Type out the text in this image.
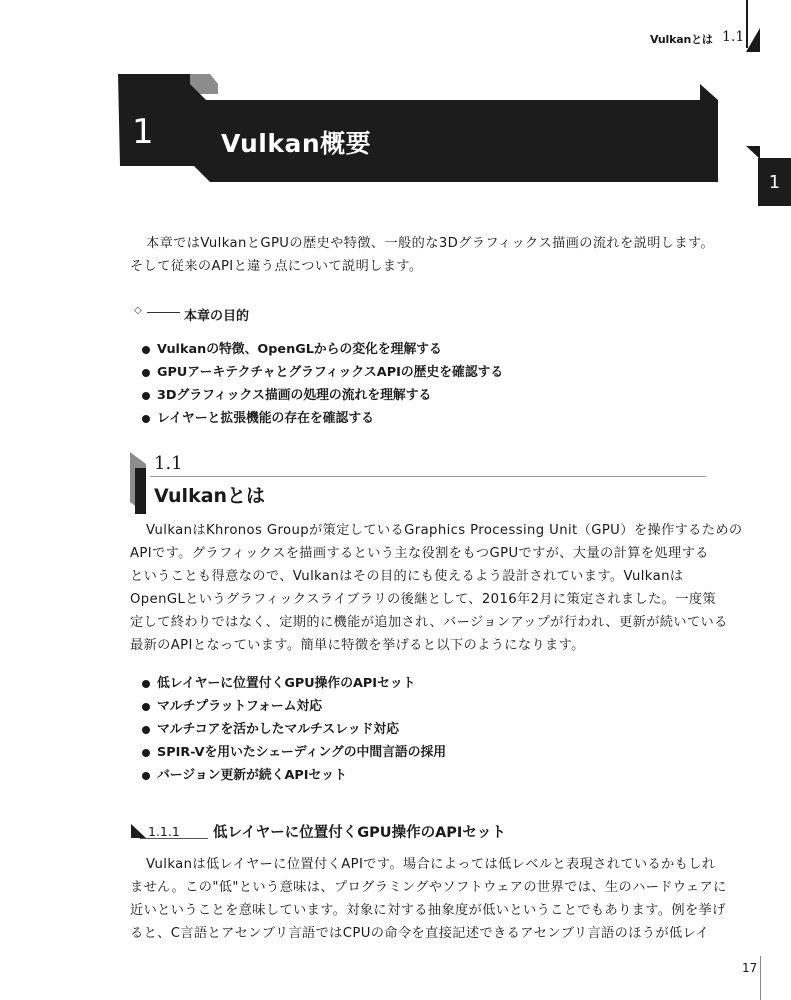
Vulkanとは 1.1
1
1	Vulkan概要
本章ではVulkanとGPUの歴史や特徴、一般的な3Dグラフィックス描画の流れを説明します。
そして従来のAPIと違う点について説明します。
◇	本章の目的
Vulkanの特徴、OpenGLからの変化を理解する
GPUアーキテクチャとグラフィックスAPIの歴史を確認する
3Dグラフィックス描画の処理の流れを理解する
レイヤーと拡張機能の存在を確認する
1.1
Vulkanとは
VulkanはKhronos Groupが策定しているGraphics Processing Unit（GPU）を操作するための
APIです。グラフィックスを描画するという主な役割をもつGPUですが、大量の計算を処理する
ということも得意なので、Vulkanはその目的にも使えるよう設計されています。Vulkanは
OpenGLというグラフィックスライブラリの後継として、2016年2月に策定されました。一度策
定して終わりではなく、定期的に機能が追加され、バージョンアップが行われ、更新が続いている
最新のAPIとなっています。簡単に特徴を挙げると以下のようになります。
低レイヤーに位置付くGPU操作のAPIセット
マルチプラットフォーム対応
マルチコアを活かしたマルチスレッド対応
SPIR-Vを用いたシェーディングの中間言語の採用
バージョン更新が続くAPIセット
1.1.1 低レイヤーに位置付くGPU操作のAPIセット
Vulkanは低レイヤーに位置付くAPIです。場合によっては低レベルと表現されているかもしれ
ません。この"低"という意味は、プログラミングやソフトウェアの世界では、生のハードウェアに
近いということを意味しています。対象に対する抽象度が低いということでもあります。例を挙げ
ると、C言語とアセンブリ言語ではCPUの命令を直接記述できるアセンブリ言語のほうが低レイ
17
